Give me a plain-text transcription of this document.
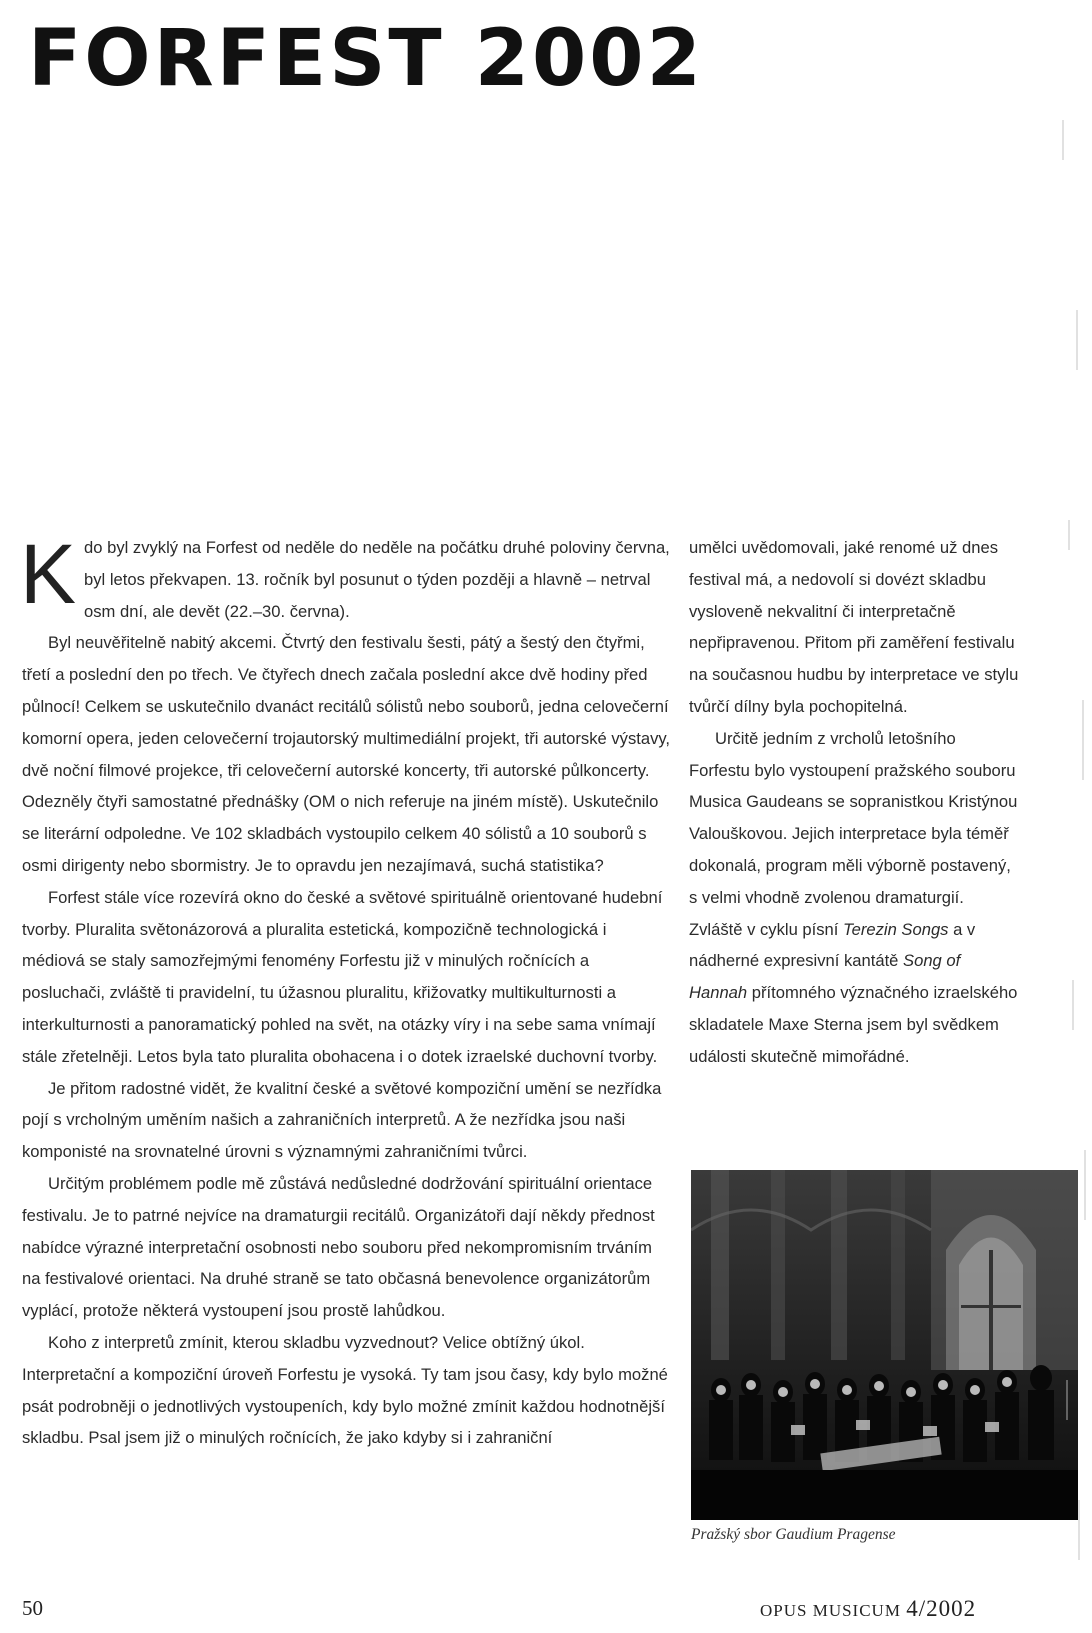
FORFEST 2002

Kdo byl zvyklý na Forfest od neděle do neděle na počátku druhé poloviny června, byl letos překvapen. 13. ročník byl posunut o týden později a hlavně – netrval osm dní, ale devět (22.–30. června).

Byl neuvěřitelně nabitý akcemi. Čtvrtý den festivalu šesti, pátý a šestý den čtyřmi, třetí a poslední den po třech. Ve čtyřech dnech začala poslední akce dvě hodiny před půlnocí! Celkem se uskutečnilo dvanáct recitálů sólistů nebo souborů, jedna celovečerní komorní opera, jeden celovečerní trojautorský multimediální projekt, tři autorské výstavy, dvě noční filmové projekce, tři celovečerní autorské koncerty, tři autorské půlkoncerty. Odezněly čtyři samostatné přednášky (OM o nich referuje na jiném místě). Uskutečnilo se literární odpoledne. Ve 102 skladbách vystoupilo celkem 40 sólistů a 10 souborů s osmi dirigenty nebo sbormistry. Je to opravdu jen nezajímavá, suchá statistika?

Forfest stále více rozevírá okno do české a světové spirituálně orientované hudební tvorby. Pluralita světonázorová a pluralita estetická, kompozičně technologická i médiová se staly samozřejmými fenomény Forfestu již v minulých ročnících a posluchači, zvláště ti pravidelní, tu úžasnou pluralitu, křižovatky multikulturnosti a interkulturnosti a panoramatický pohled na svět, na otázky víry i na sebe sama vnímají stále zřetelněji. Letos byla tato pluralita obohacena i o dotek izraelské duchovní tvorby.

Je přitom radostné vidět, že kvalitní české a světové kompoziční umění se nezřídka pojí s vrcholným uměním našich a zahraničních interpretů. A že nezřídka jsou naši komponisté na srovnatelné úrovni s významnými zahraničními tvůrci.

Určitým problémem podle mě zůstává nedůsledné dodržování spirituální orientace festivalu. Je to patrné nejvíce na dramaturgii recitálů. Organizátoři dají někdy přednost nabídce výrazné interpretační osobnosti nebo souboru před nekompromisním trváním na festivalové orientaci. Na druhé straně se tato občasná benevolence organizátorům vyplácí, protože některá vystoupení jsou prostě lahůdkou.

Koho z interpretů zmínit, kterou skladbu vyzvednout? Velice obtížný úkol. Interpretační a kompoziční úroveň Forfestu je vysoká. Ty tam jsou časy, kdy bylo možné psát podrobněji o jednotlivých vystoupeních, kdy bylo možné zmínit každou hodnotnější skladbu. Psal jsem již o minulých ročnících, že jako kdyby si i zahraniční

umělci uvědomovali, jaké renomé už dnes festival má, a nedovolí si dovézt skladbu vysloveně nekvalitní či interpretačně nepřipravenou. Přitom při zaměření festivalu na současnou hudbu by interpretace ve stylu tvůrčí dílny byla pochopitelná.

Určitě jedním z vrcholů letošního Forfestu bylo vystoupení pražského souboru Musica Gaudeans se sopranistkou Kristýnou Valouškovou. Jejich interpretace byla téměř dokonalá, program měli výborně postavený, s velmi vhodně zvolenou dramaturgií. Zvláště v cyklu písní Terezin Songs a v nádherné expresivní kantátě Song of Hannah přítomného význačného izraelského skladatele Maxe Sterna jsem byl svědkem události skutečně mimořádné.

Pražský sbor Gaudium Pragense
50	OPUS MUSICUM 4/2002
